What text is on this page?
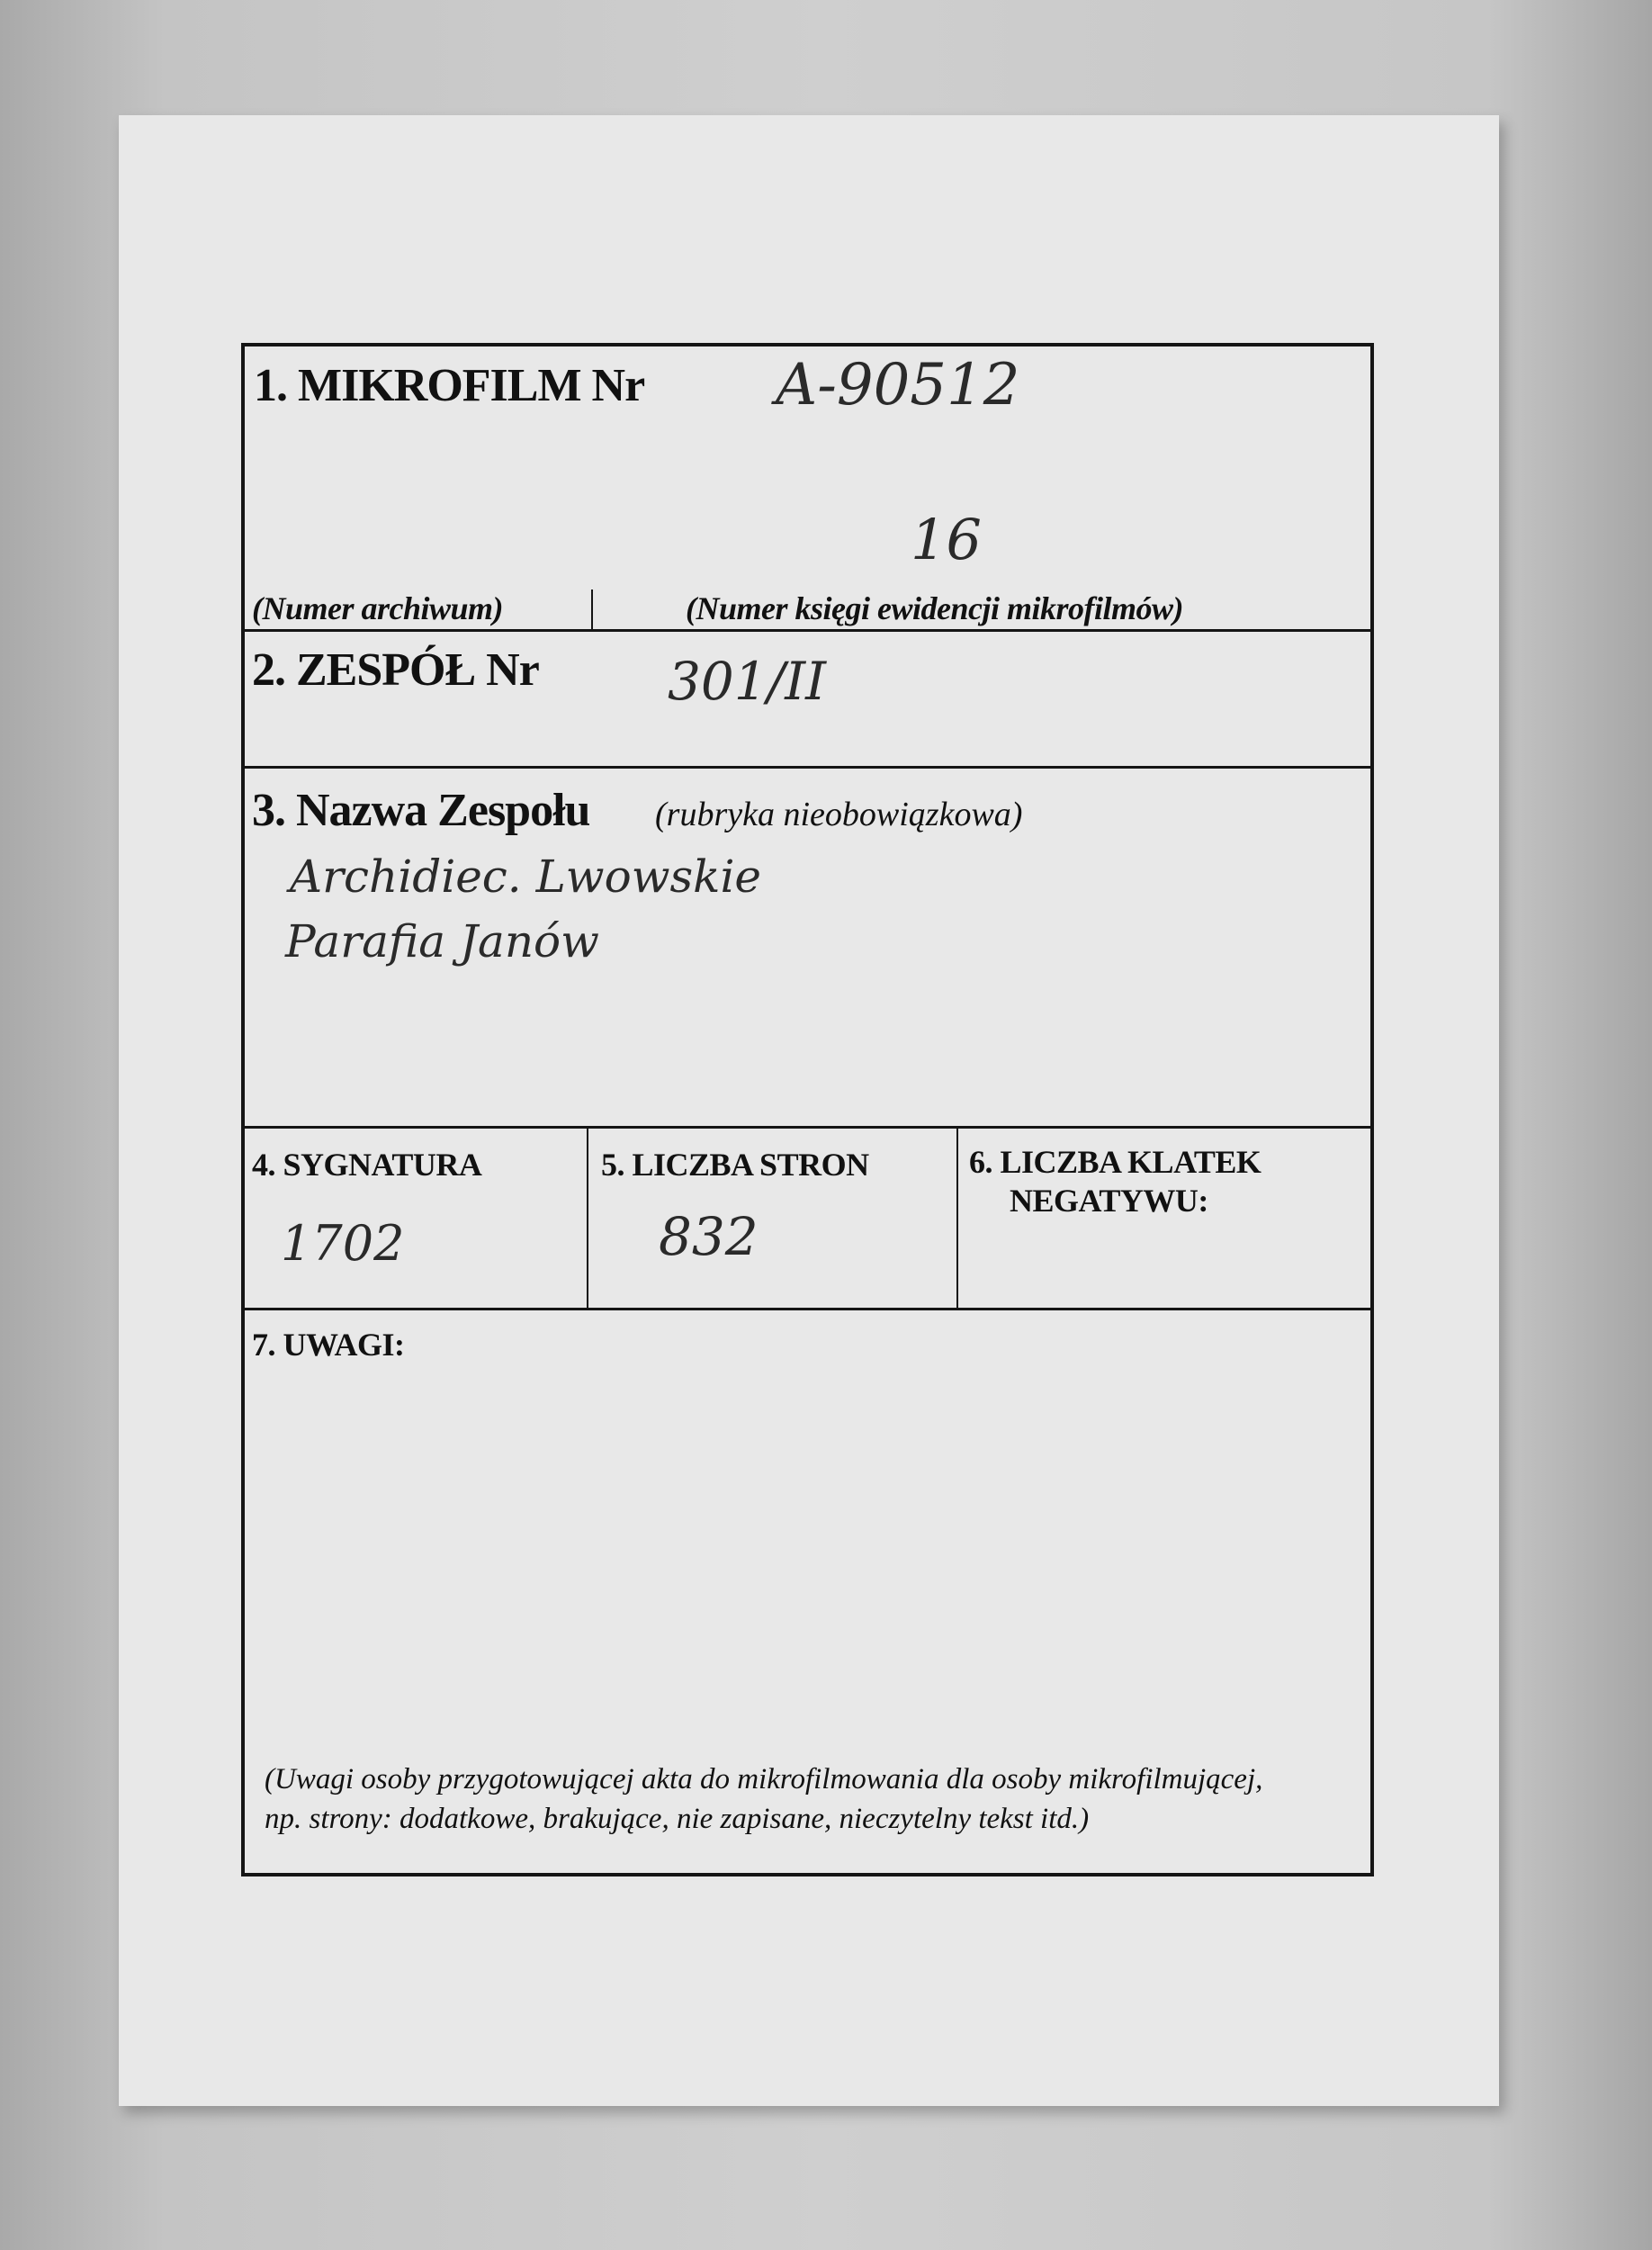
1. MIKROFILM Nr A-90512
16
(Numer archiwum)	(Numer księgi ewidencji mikrofilmów)
2. ZESPÓŁ Nr 301/II
3. Nazwa Zespołu (rubryka nieobowiązkowa)
Archidiec. Lwowskie
Parafia Janów
4. SYGNATURA
1702
5. LICZBA STRON
832
6. LICZBA KLATEK
NEGATYWU:
7. UWAGI:
(Uwagi osoby przygotowującej akta do mikrofilmowania dla osoby mikrofilmującej,
np. strony: dodatkowe, brakujące, nie zapisane, nieczytelny tekst itd.)
